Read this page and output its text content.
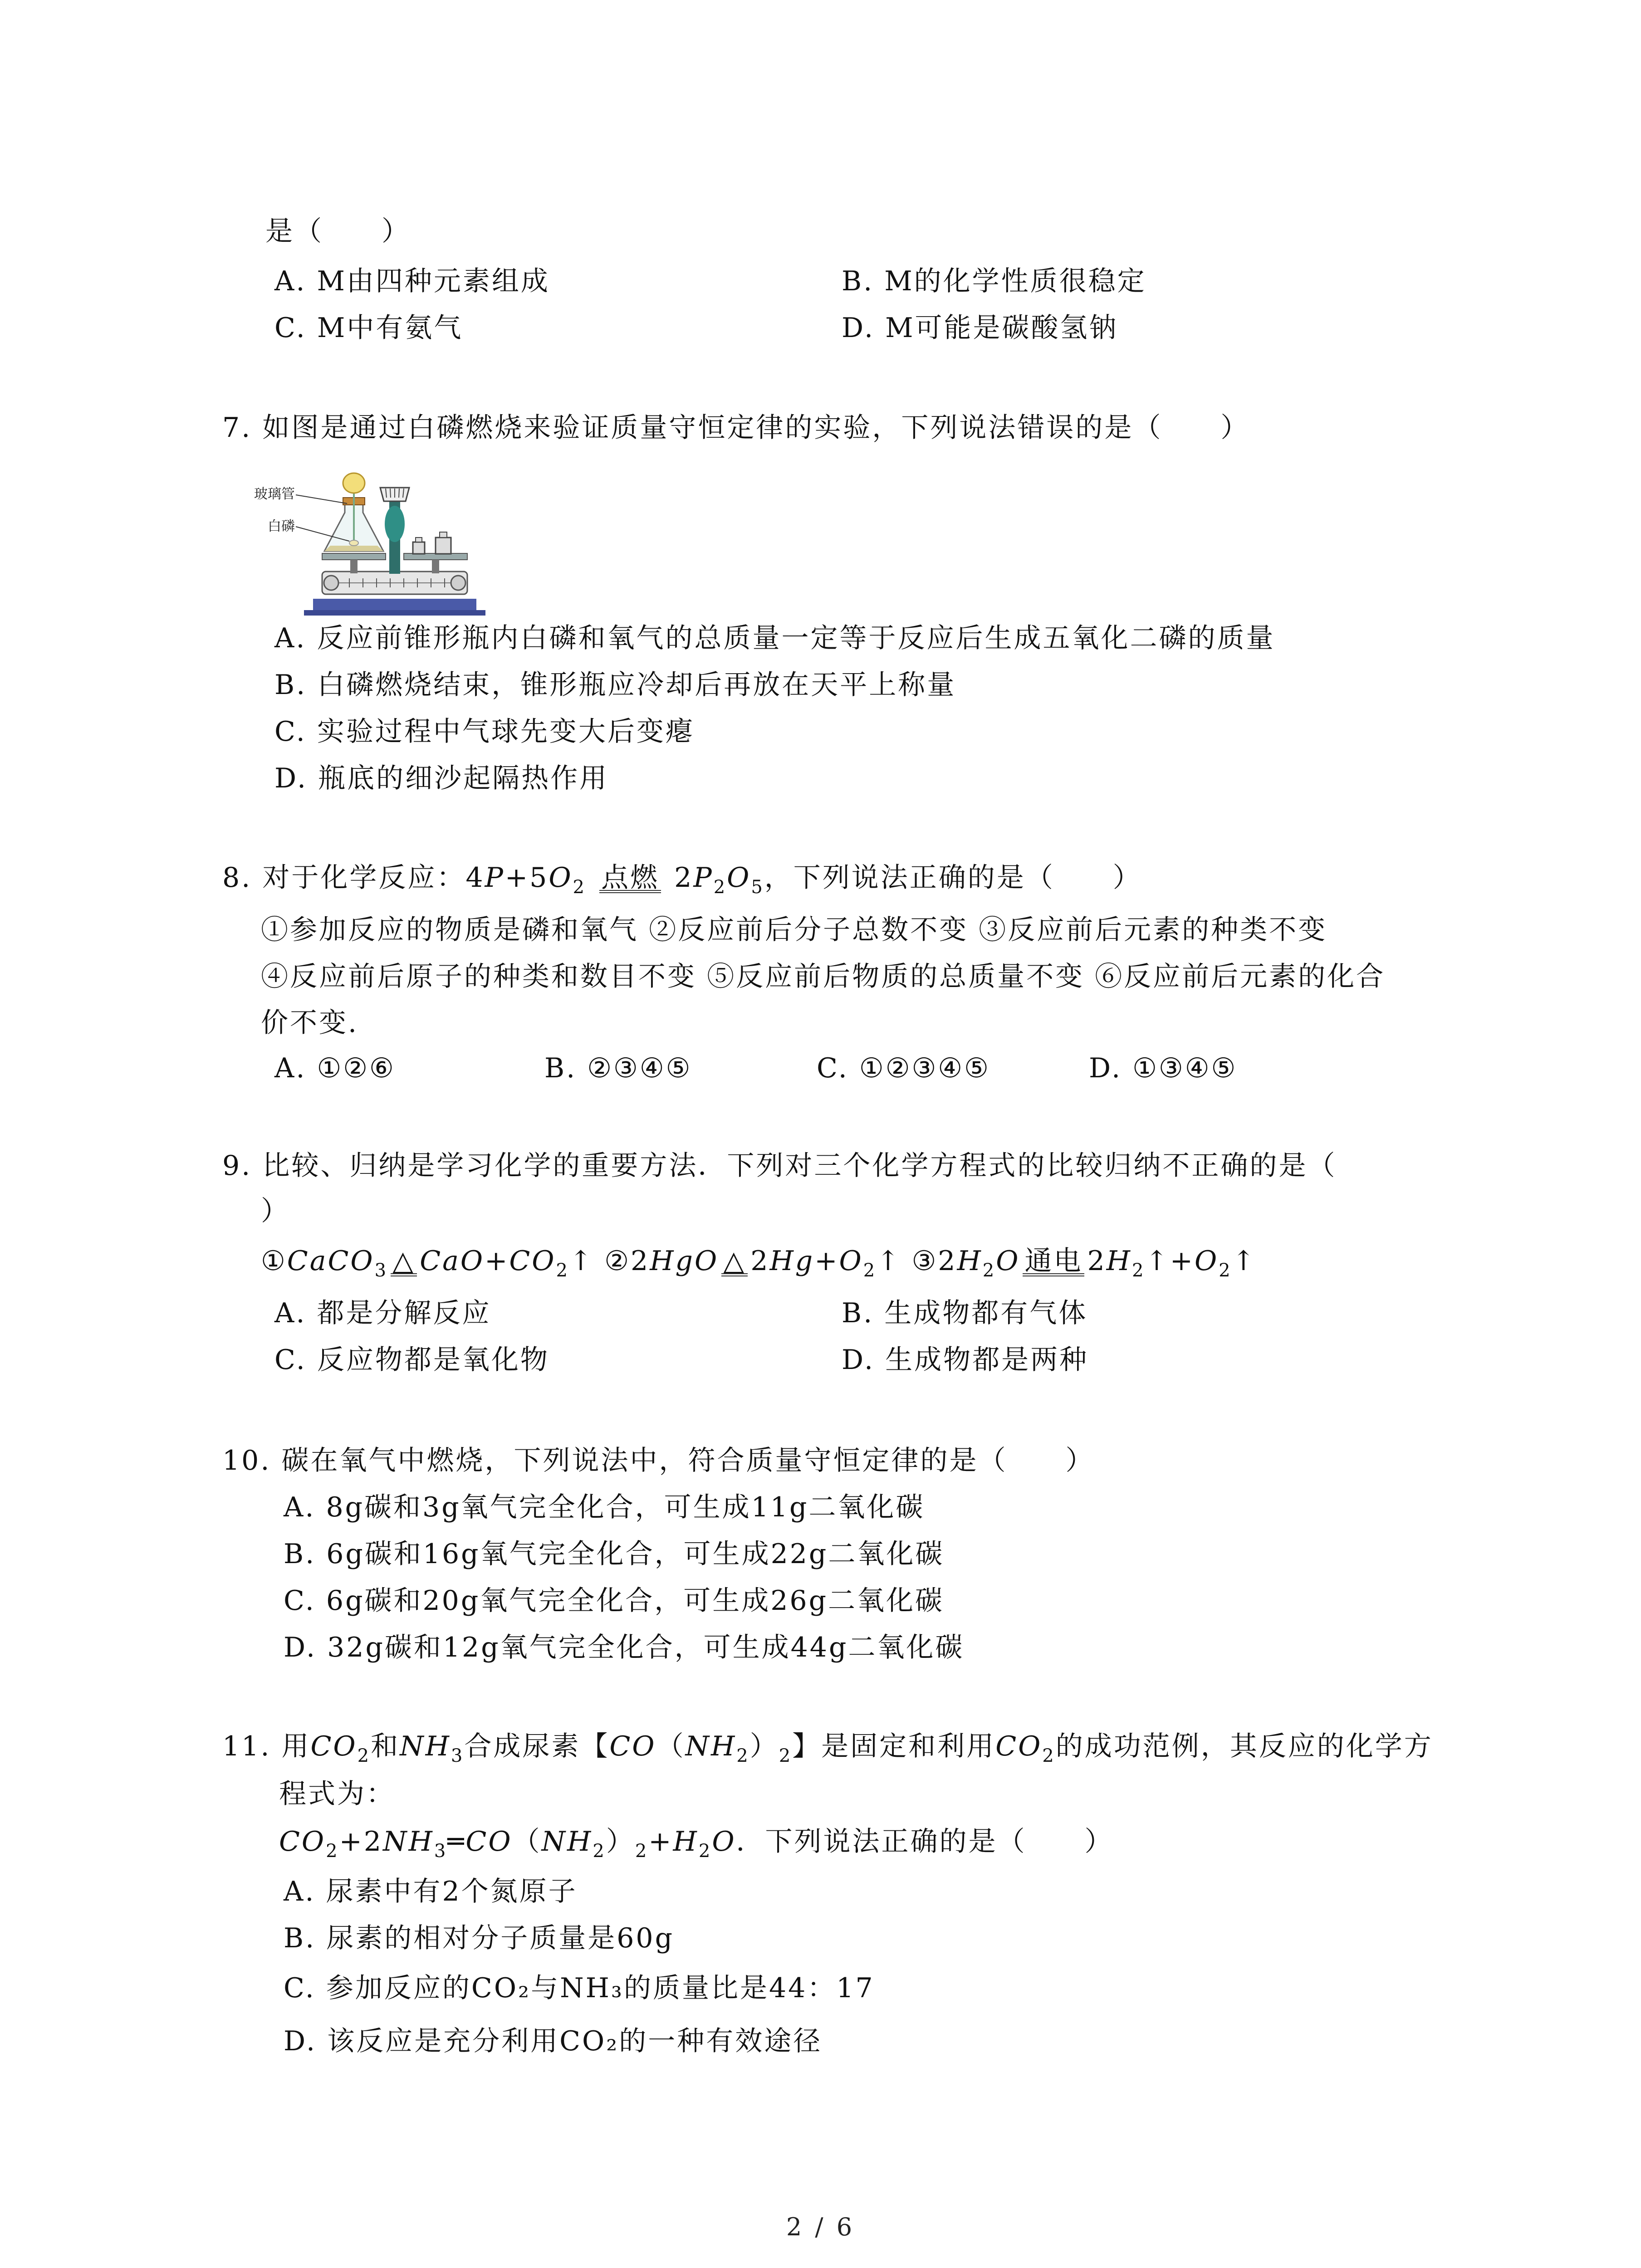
是（　　）
A. M由四种元素组成	B. M的化学性质很稳定
C. M中有氨气	D. M可能是碳酸氢钠
7. 如图是通过白磷燃烧来验证质量守恒定律的实验，下列说法错误的是（　　）
玻璃管
白磷
A. 反应前锥形瓶内白磷和氧气的总质量一定等于反应后生成五氧化二磷的质量
B. 白磷燃烧结束，锥形瓶应冷却后再放在天平上称量
C. 实验过程中气球先变大后变瘪
D. 瓶底的细沙起隔热作用
8. 对于化学反应：$4P+5O_2$ 点燃 $2P_2O_5$，下列说法正确的是（　　）
①参加反应的物质是磷和氧气 ②反应前后分子总数不变 ③反应前后元素的种类不变
④反应前后原子的种类和数目不变 ⑤反应前后物质的总质量不变 ⑥反应前后元素的化合
价不变.
A. ①②⑥	B. ②③④⑤	C. ①②③④⑤	D. ①③④⑤
9. 比较、归纳是学习化学的重要方法．下列对三个化学方程式的比较归纳不正确的是（
）
①CaCO$_3$ △ $CaO+CO_2↑$ ②2HgO △ $2Hg+O_2↑$ $③2H_2O$ 通电 $2H_2↑+O_2↑$
A. 都是分解反应	B. 生成物都有气体
C. 反应物都是氧化物	D. 生成物都是两种
10. 碳在氧气中燃烧，下列说法中，符合质量守恒定律的是（　　）
A. 8g碳和3g氧气完全化合，可生成11g二氧化碳
B. 6g碳和16g氧气完全化合，可生成22g二氧化碳
C. 6g碳和20g氧气完全化合，可生成26g二氧化碳
D. 32g碳和12g氧气完全化合，可生成44g二氧化碳
11. 用$CO_2$和$NH_3$合成尿素【$CO(NH_2)_2$】是固定和利用$CO_2$的成功范例，其反应的化学方
程式为：
$CO_2+2NH_3═CO(NH_2)_2+H_2O$．下列说法正确的是（　　）
A. 尿素中有2个氮原子
B. 尿素的相对分子质量是60g
C. 参加反应的CO₂与NH₃的质量比是44：17
D. 该反应是充分利用CO₂的一种有效途径
2 / 6
